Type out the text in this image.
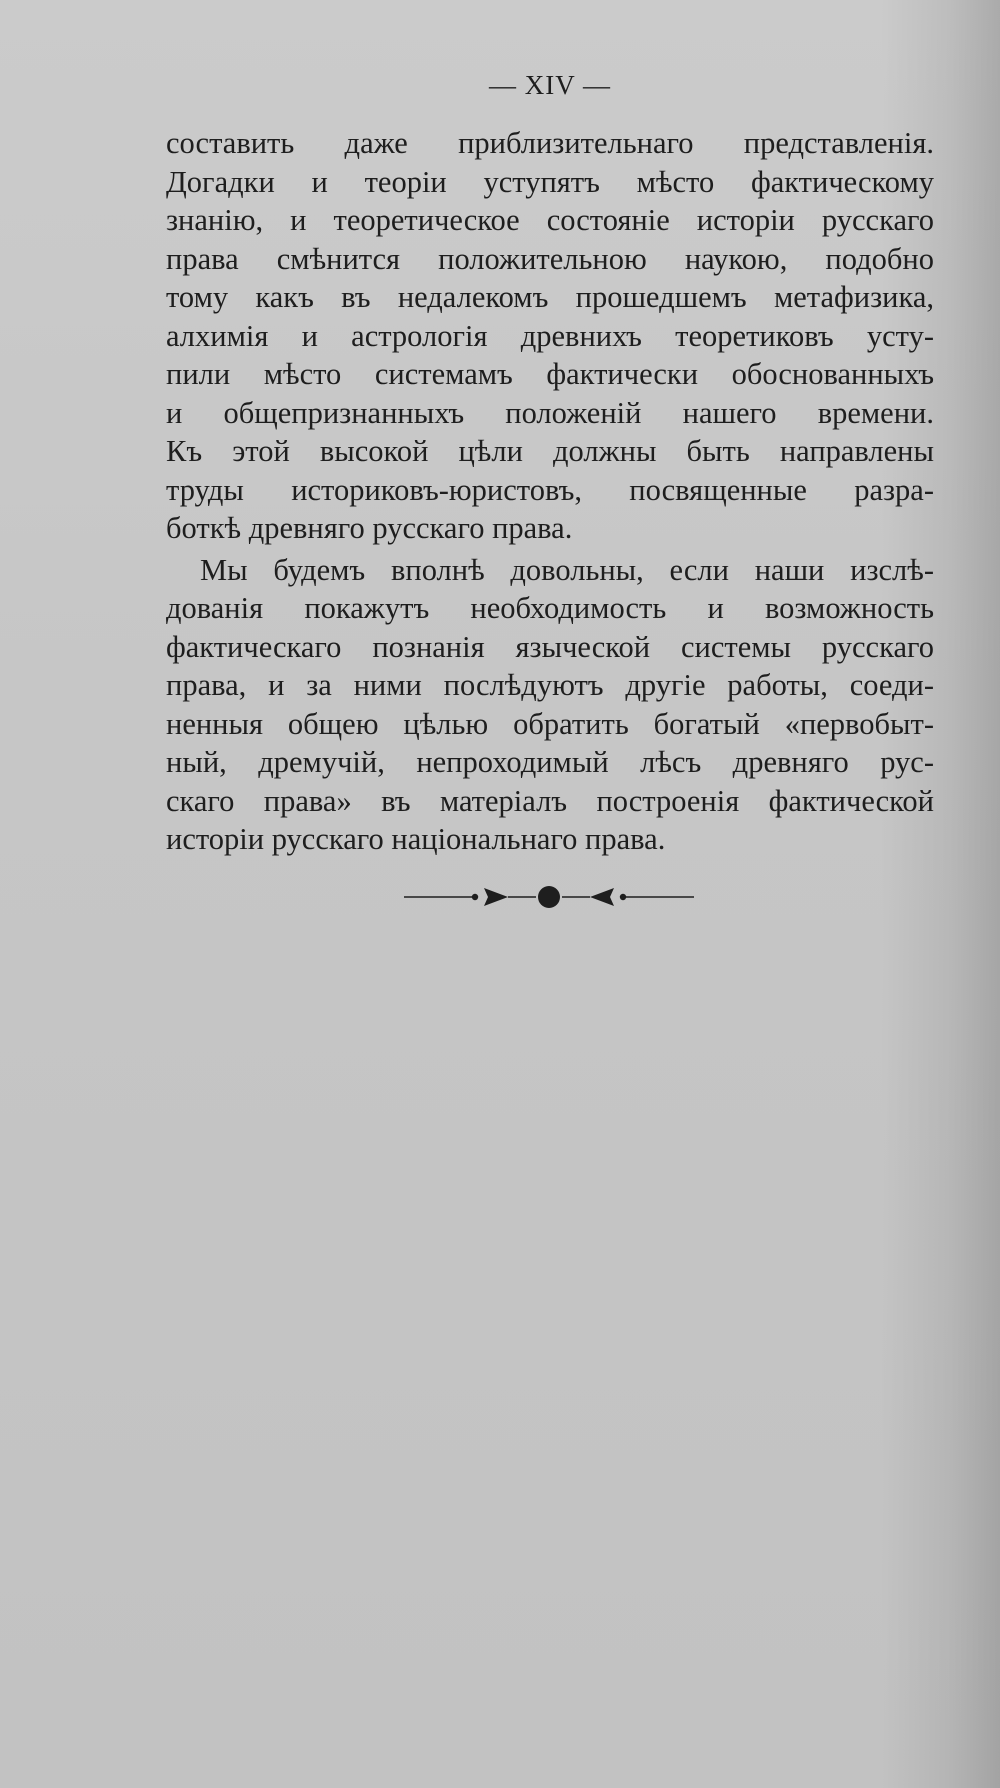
— XIV —
составить даже приблизительнаго представленія.
Догадки и теоріи уступятъ мѣсто фактическому
знанію, и теоретическое состояніе исторіи русскаго
права смѣнится положительною наукою, подобно
тому какъ въ недалекомъ прошедшемъ метафизика,
алхимія и астрологія древнихъ теоретиковъ усту-
пили мѣсто системамъ фактически обоснованныхъ
и общепризнанныхъ положеній нашего времени.
Къ этой высокой цѣли должны быть направлены
труды историковъ-юристовъ, посвященные разра-
боткѣ древняго русскаго права.
Мы будемъ вполнѣ довольны, если наши изслѣ-
дованія покажутъ необходимость и возможность
фактическаго познанія языческой системы русскаго
права, и за ними послѣдуютъ другіе работы, соеди-
ненныя общею цѣлью обратить богатый «первобыт-
ный, дремучій, непроходимый лѣсъ древняго рус-
скаго права» въ матеріалъ построенія фактической
исторіи русскаго національнаго права.
